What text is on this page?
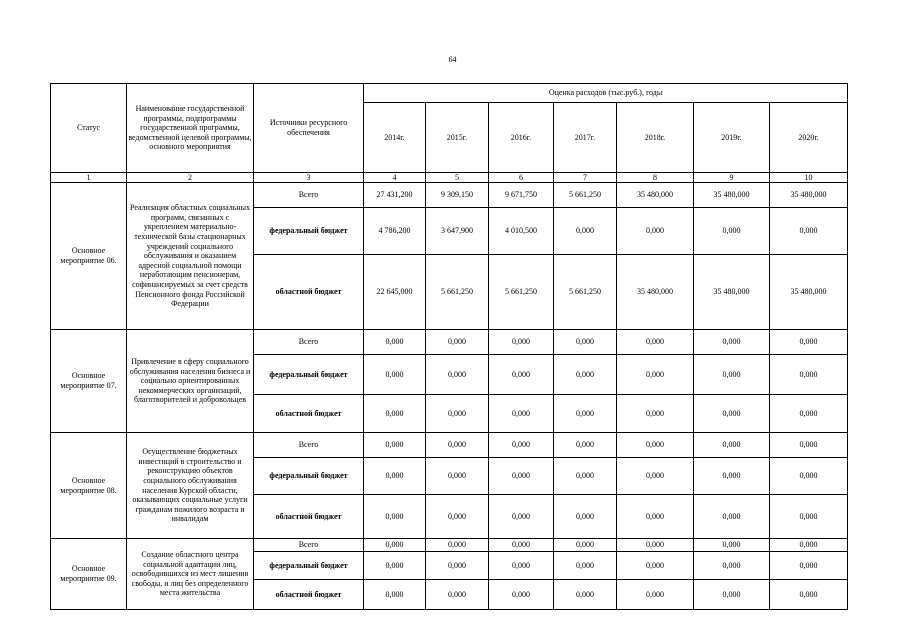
64
Статус	Наименование государственной программы, подпрограммы государственной программы, ведомственной целевой программы, основного мероприятия	Источники ресурсного обеспечения	Оценка расходов (тыс.руб.), годы						
			2014г.	2015г.	2016г.	2017г.	2018г.	2019г.	2020г.
1	2	3	4	5	6	7	8	9	10
Основное мероприятие 06.	Реализация областных социальных программ, связанных с укреплением материально-технической базы стационарных учреждений социального обслуживания и оказанием адресной социальной помощи неработающим пенсионерам, софинансируемых за счет средств Пенсионного фонда Российской Федерации	Всего	27 431,200	9 309,150	9 671,750	5 661,250	35 480,000	35 480,000	35 480,000
		федеральный бюджет	4 786,200	3 647,900	4 010,500	0,000	0,000	0,000	0,000
		областной бюджет	22 645,000	5 661,250	5 661,250	5 661,250	35 480,000	35 480,000	35 480,000
Основное мероприятие 07.	Привлечение в сферу социального обслуживания населения бизнеса и социально ориентированных некоммерческих организаций, благотворителей и добровольцев	Всего	0,000	0,000	0,000	0,000	0,000	0,000	0,000
		федеральный бюджет	0,000	0,000	0,000	0,000	0,000	0,000	0,000
		областной бюджет	0,000	0,000	0,000	0,000	0,000	0,000	0,000
Основное мероприятие 08.	Осуществление бюджетных инвестиций в строительство и реконструкцию объектов социального обслуживания населения Курской области, оказывающих социальные услуги гражданам пожилого возраста и инвалидам	Всего	0,000	0,000	0,000	0,000	0,000	0,000	0,000
		федеральный бюджет	0,000	0,000	0,000	0,000	0,000	0,000	0,000
		областной бюджет	0,000	0,000	0,000	0,000	0,000	0,000	0,000
Основное мероприятие 09.	Создание областного центра социальной адаптации лиц, освободившихся из мест лишения свободы, и лиц без определенного места жительства	Всего	0,000	0,000	0,000	0,000	0,000	0,000	0,000
		федеральный бюджет	0,000	0,000	0,000	0,000	0,000	0,000	0,000
		областной бюджет	0,000	0,000	0,000	0,000	0,000	0,000	0,000
